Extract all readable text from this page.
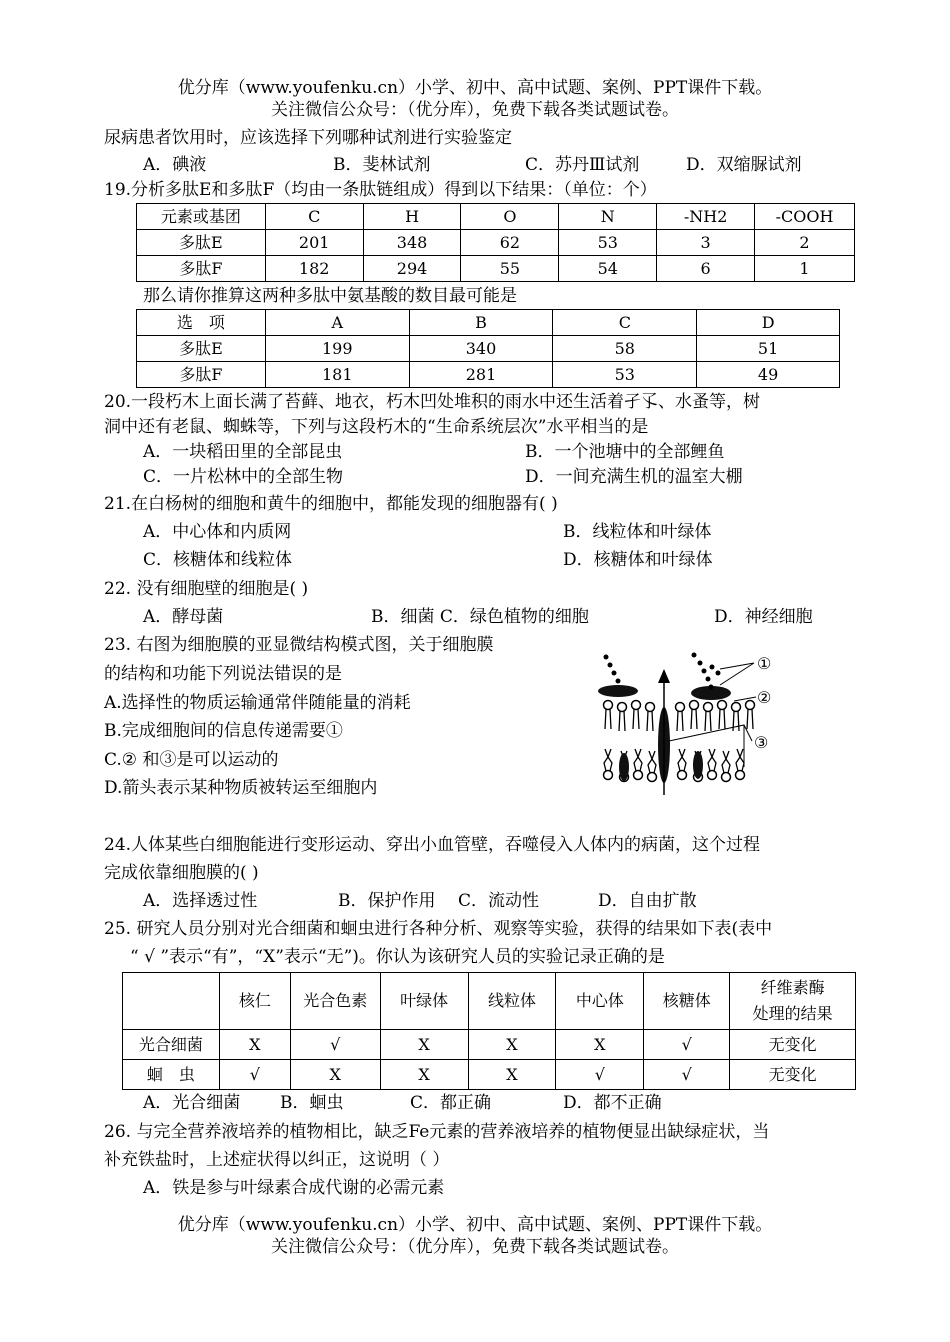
优分库（www.youfenku.cn）小学、初中、高中试题、案例、PPT课件下载。
关注微信公众号：（优分库），免费下载各类试题试卷。
尿病患者饮用时，应该选择下列哪种试剂进行实验鉴定
A．碘液	B．斐林试剂	C．苏丹Ⅲ试剂	D．双缩脲试剂
19.分析多肽E和多肽F（均由一条肽链组成）得到以下结果：（单位：个）
元素或基团	C	H	O	N	-NH2	-COOH
多肽E	201	348	62	53	3	2
多肽F	182	294	55	54	6	1
那么请你推算这两种多肽中氨基酸的数目最可能是
选　项	A	B	C	D
多肽E	199	340	58	51
多肽F	181	281	53	49
20.一段朽木上面长满了苔藓、地衣，朽木凹处堆积的雨水中还生活着孑孓、水蚤等，树
洞中还有老鼠、蜘蛛等，下列与这段朽木的“生命系统层次”水平相当的是
A．一块稻田里的全部昆虫	B．一个池塘中的全部鲤鱼
C．一片松林中的全部生物	D．一间充满生机的温室大棚
21.在白杨树的细胞和黄牛的细胞中，都能发现的细胞器有( )
A．中心体和内质网	B．线粒体和叶绿体
C．核糖体和线粒体	D．核糖体和叶绿体
22. 没有细胞壁的细胞是( )
A．酵母菌	B．细菌 C．绿色植物的细胞	D．神经细胞
23. 右图为细胞膜的亚显微结构模式图，关于细胞膜
的结构和功能下列说法错误的是
A.选择性的物质运输通常伴随能量的消耗
B.完成细胞间的信息传递需要①
C.② 和③是可以运动的
D.箭头表示某种物质被转运至细胞内
①
②
③
24.人体某些白细胞能进行变形运动、穿出小血管壁，吞噬侵入人体内的病菌，这个过程
完成依靠细胞膜的( )
A．选择透过性	B．保护作用 C．流动性	D．自由扩散
25. 研究人员分别对光合细菌和蛔虫进行各种分析、观察等实验，获得的结果如下表(表中
“ √ ”表示“有”，“X”表示“无”)。你认为该研究人员的实验记录正确的是
	核仁	光合色素	叶绿体	线粒体	中心体	核糖体	纤维素酶
处理的结果

光合细菌	X	√	X	X	X	√	无变化
蛔　虫	√	X	X	X	√	√	无变化
A．光合细菌 B．蛔虫	C．都正确	D．都不正确
26. 与完全营养液培养的植物相比，缺乏Fe元素的营养液培养的植物便显出缺绿症状，当
补充铁盐时，上述症状得以纠正，这说明（ ）
A．铁是参与叶绿素合成代谢的必需元素
优分库（www.youfenku.cn）小学、初中、高中试题、案例、PPT课件下载。
关注微信公众号：（优分库），免费下载各类试题试卷。
